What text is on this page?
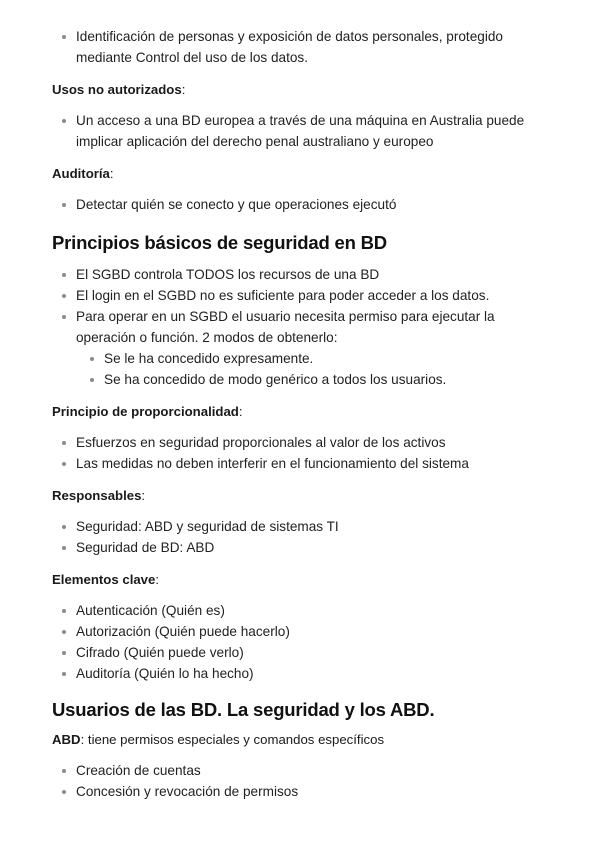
Identificación de personas y exposición de datos personales, protegido mediante Control del uso de los datos.

Usos no autorizados:

Un acceso a una BD europea a través de una máquina en Australia puede implicar aplicación del derecho penal australiano y europeo

Auditoría:

Detectar quién se conecto y que operaciones ejecutó
Principios básicos de seguridad en BD
El SGBD controla TODOS los recursos de una BD
El login en el SGBD no es suficiente para poder acceder a los datos.
Para operar en un SGBD el usuario necesita permiso para ejecutar la operación o función. 2 modos de obtenerlo:
Se le ha concedido expresamente.
Se ha concedido de modo genérico a todos los usuarios.

Principio de proporcionalidad:

Esfuerzos en seguridad proporcionales al valor de los activos
Las medidas no deben interferir en el funcionamiento del sistema

Responsables:

Seguridad: ABD y seguridad de sistemas TI
Seguridad de BD: ABD

Elementos clave:

Autenticación (Quién es)
Autorización (Quién puede hacerlo)
Cifrado (Quién puede verlo)
Auditoría (Quién lo ha hecho)
Usuarios de las BD. La seguridad y los ABD.

ABD: tiene permisos especiales y comandos específicos

Creación de cuentas
Concesión y revocación de permisos
